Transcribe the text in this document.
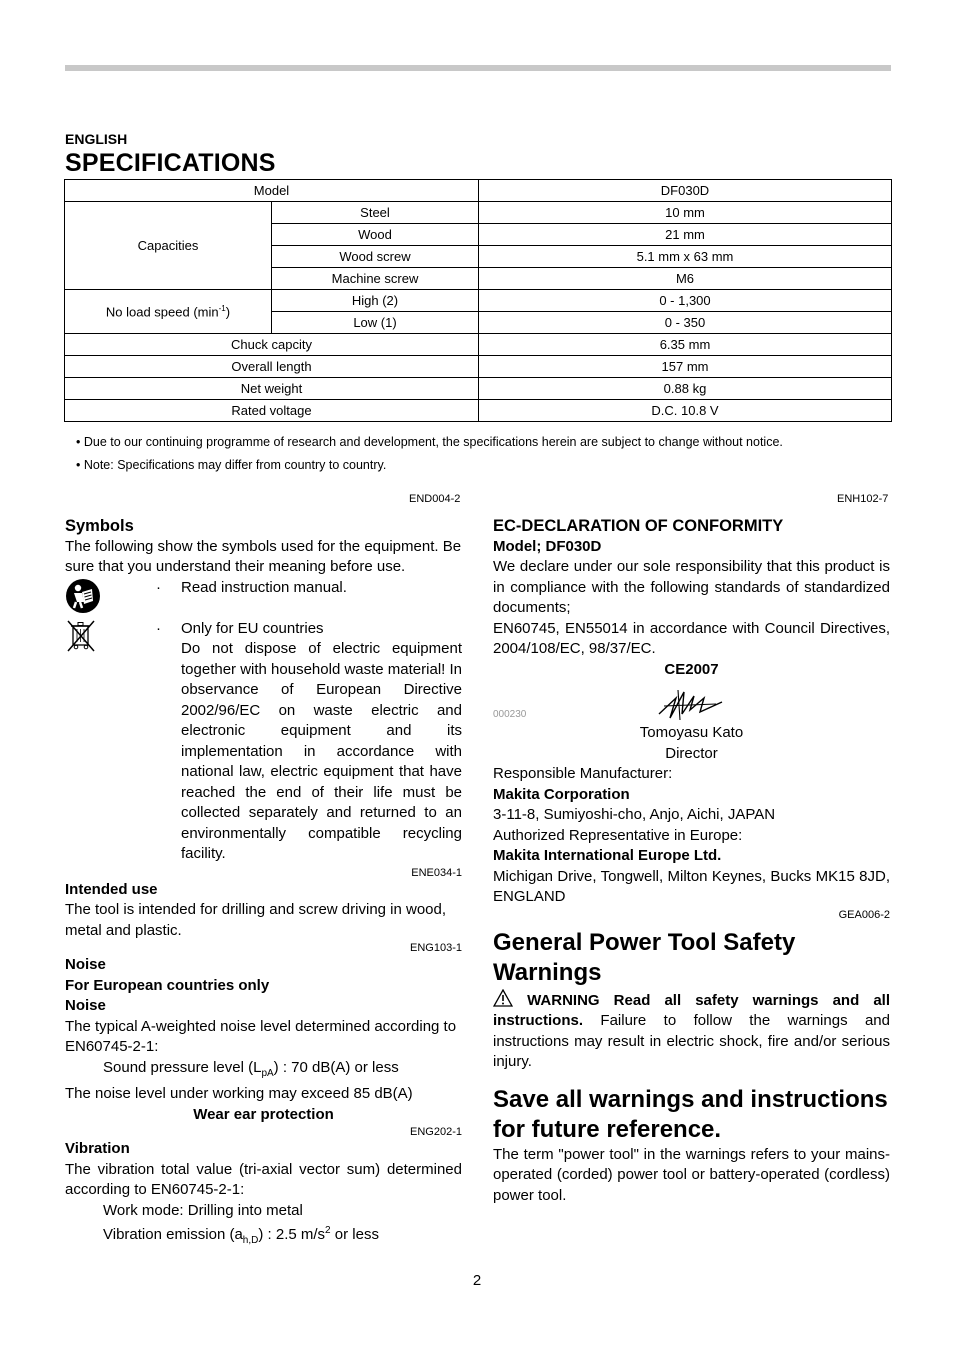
ENGLISH
SPECIFICATIONS
Model		DF030D
Capacities	Steel	10 mm
	Wood	21 mm
	Wood screw	5.1 mm x 63 mm
	Machine screw	M6
No load speed $(\min^{-1})$	High (2)	0 - 1,300
	Low (1)	0 - 350
Chuck capcity		6.35 mm
Overall length		157 mm
Net weight		0.88 kg
Rated voltage		D.C. 10.8 V
• Due to our continuing programme of research and development, the specifications herein are subject to change without notice.
• Note: Specifications may differ from country to country.
END004-2
Symbols
The following show the symbols used for the equipment. Be sure that you understand their meaning before use.
· Read instruction manual.
· Only for EU countries
Do not dispose of electric equipment together with household waste material! In observance of European Directive 2002/96/EC on waste electric and electronic equipment and its implementation in accordance with national law, electric equipment that have reached the end of their life must be collected separately and returned to an environmentally compatible recycling facility.
ENE034-1
Intended use
The tool is intended for drilling and screw driving in wood, metal and plastic.
ENG103-1
Noise
For European countries only
Noise
The typical A-weighted noise level determined according to EN60745-2-1:
Sound pressure level $(L_{pA})$ : 70 dB(A) or less
The noise level under working may exceed 85 dB(A)
Wear ear protection
ENG202-1
Vibration
The vibration total value (tri-axial vector sum) determined according to EN60745-2-1:
Work mode: Drilling into metal
Vibration emission $(a_{h,D})$ : 2.5 $m/s^2$ or less
ENH102-7
EC-DECLARATION OF CONFORMITY
Model; DF030D
We declare under our sole responsibility that this product is in compliance with the following standards of standardized documents;
EN60745, EN55014 in accordance with Council Directives, 2004/108/EC, 98/37/EC.
CE2007
000230
Tomoyasu Kato
Director
Responsible Manufacturer:
Makita Corporation
3-11-8, Sumiyoshi-cho, Anjo, Aichi, JAPAN
Authorized Representative in Europe:
Makita International Europe Ltd.
Michigan Drive, Tongwell, Milton Keynes, Bucks MK15 8JD, ENGLAND
GEA006-2
General Power Tool Safety Warnings
WARNING Read all safety warnings and all instructions. Failure to follow the warnings and instructions may result in electric shock, fire and/or serious injury.
Save all warnings and instructions for future reference.
The term "power tool" in the warnings refers to your mains-operated (corded) power tool or battery-operated (cordless) power tool.
2
